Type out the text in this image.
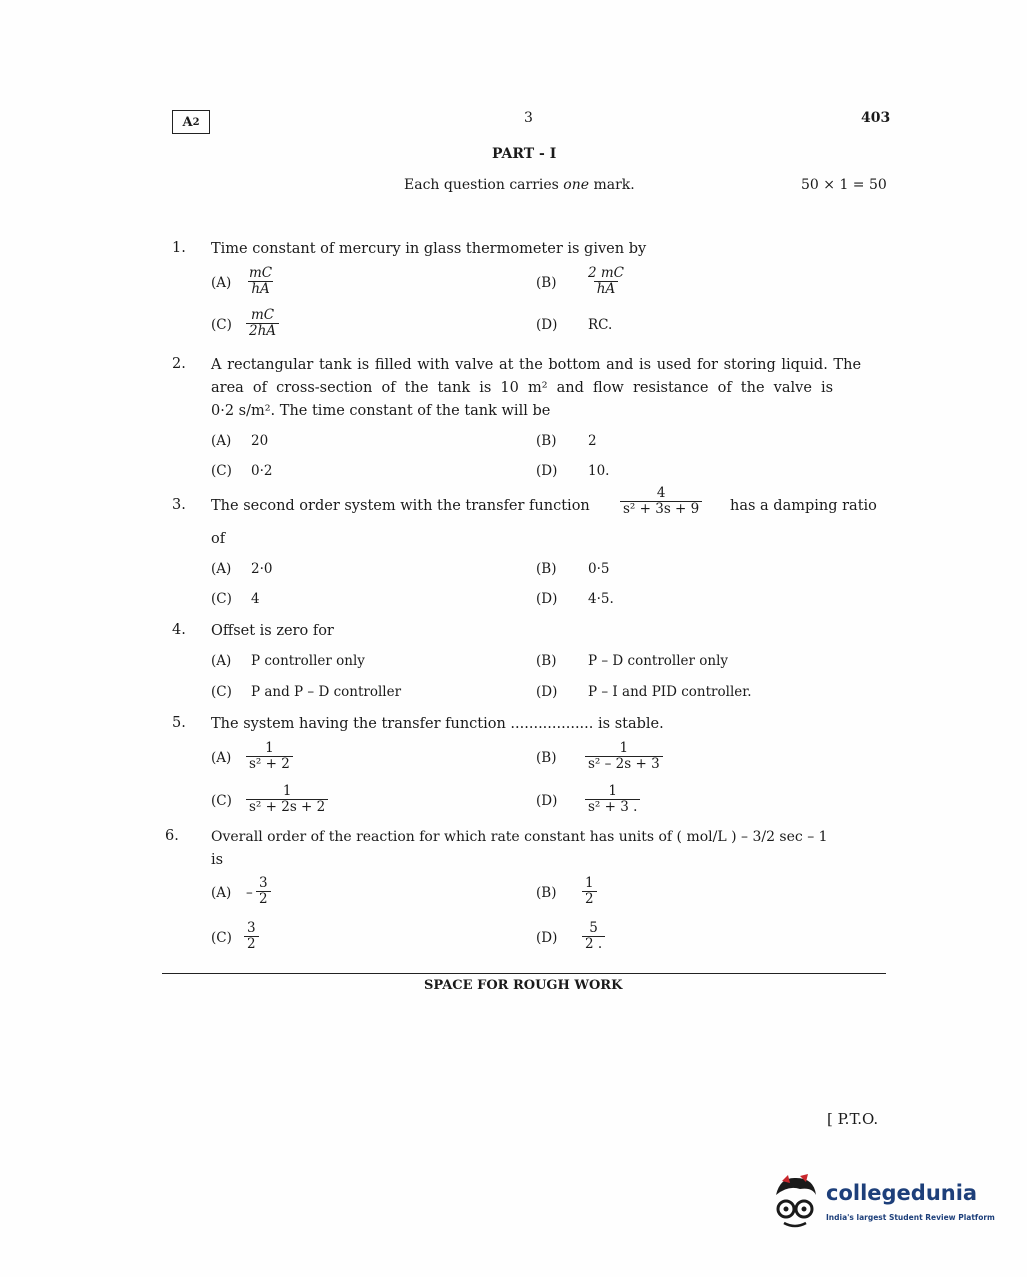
A 2	3	403
PART - I
Each question carries one mark.	50 × 1 = 50
1. Time constant of mercury in glass thermometer is given by
$(A) \frac{mC}{hA}$	$(B) \frac{2 mC}{hA}$
$(C) \frac{mC}{2hA}$	(D) RC.
2. A rectangular tank is filled with valve at the bottom and is used for storing liquid. The
area of cross-section of the tank is 10 m² and flow resistance of the valve is
0·2 s/m². The time constant of the tank will be
(A) 20	(B) 2
(C) 0·2	(D) 10.
3. The second order system with the transfer function $\frac{4}{\text{s² + 3s + 9}}$ has a damping ratio
of
(A) 2·0	(B) 0·5
(C) 4	(D) 4·5.
4. Offset is zero for
(A) P controller only	(B) P – D controller only
(C) P and P – D controller	(D) P – I and PID controller.
5. The system having the transfer function .................. is stable.
$(A) \frac{1}{\text{s² + 2}}$	$(B) \frac{1}{\text{s² – 2s + 3}}$
$(C) \frac{1}{\text{s² + 2s + 2}}$	$(D) \frac{1}{\text{s² + 3 .}}$
6. Overall order of the reaction for which rate constant has units of ( mol/L ) – 3/2 sec – 1
is
$(A) - \frac{3}{2}$	$(B) \frac{1}{2}$
$(C) \frac{3}{2}$	$(D) \frac{5}{2 .}$
SPACE FOR ROUGH WORK
[ P.T.O.
collegedunia
India's largest Student Review Platform
